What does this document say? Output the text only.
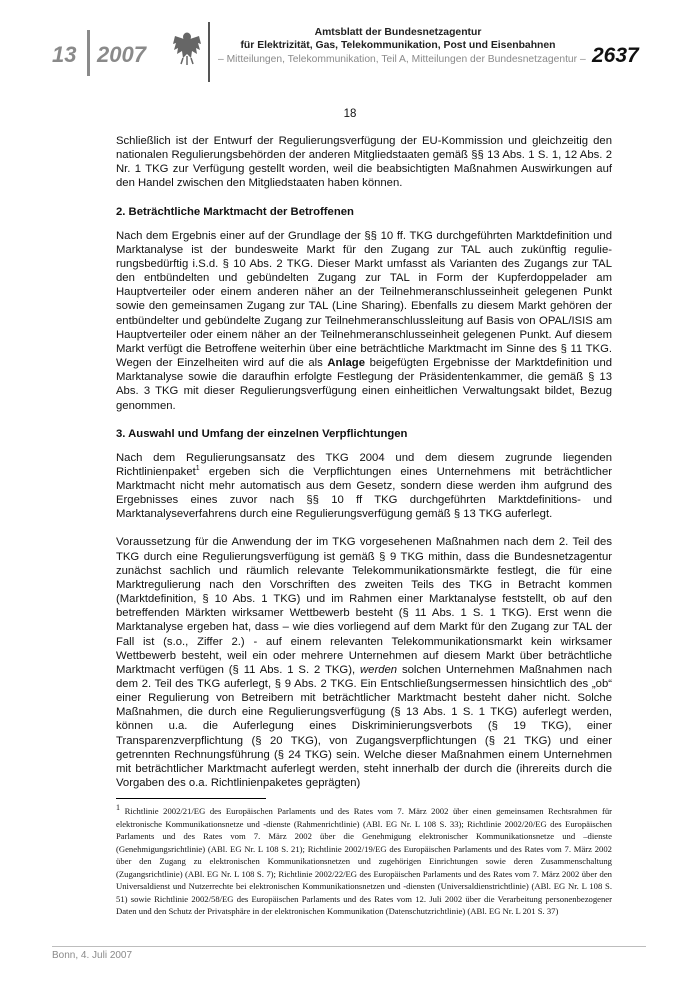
13 2007
Amtsblatt der Bundesnetzagentur
für Elektrizität, Gas, Telekommunikation, Post und Eisenbahnen
– Mitteilungen, Telekommunikation, Teil A, Mitteilungen der Bundesnetzagentur – 2637
18

Schließlich ist der Entwurf der Regulierungsverfügung der EU-Kommission und gleichzeitig den nationalen Regulierungsbehörden der anderen Mitgliedstaaten gemäß §§ 13 Abs. 1 S. 1, 12 Abs. 2 Nr. 1 TKG zur Verfügung gestellt worden, weil die beabsichtigten Maßnahmen Auswirkungen auf den Handel zwischen den Mitgliedstaaten haben können.

2. Beträchtliche Marktmacht der Betroffenen

Nach dem Ergebnis einer auf der Grundlage der §§ 10 ff. TKG durchgeführten Marktdefinition und Marktanalyse ist der bundesweite Markt für den Zugang zur TAL auch zukünftig regulierungsbedürftig i.S.d. § 10 Abs. 2 TKG. Dieser Markt umfasst als Varianten des Zugangs zur TAL den entbündelten und gebündelten Zugang zur TAL in Form der Kupferdoppelader am Hauptverteiler oder einem anderen näher an der Teilnehmeranschlusseinheit gelegenen Punkt sowie den gemeinsamen Zugang zur TAL (Line Sharing). Ebenfalls zu diesem Markt gehören der entbündelter und gebündelte Zugang zur Teilnehmeranschlussleitung auf Basis von OPAL/ISIS am Hauptverteiler oder einem näher an der Teilnehmeranschlusseinheit gelegenen Punkt. Auf diesem Markt verfügt die Betroffene weiterhin über eine beträchtliche Marktmacht im Sinne des § 11 TKG. Wegen der Einzelheiten wird auf die als Anlage beigefügten Ergebnisse der Marktdefinition und Marktanalyse sowie die daraufhin erfolgte Festlegung der Präsidentenkammer, die gemäß § 13 Abs. 3 TKG mit dieser Regulierungsverfügung einen einheitlichen Verwaltungsakt bildet, Bezug genommen.

3. Auswahl und Umfang der einzelnen Verpflichtungen

Nach dem Regulierungsansatz des TKG 2004 und dem diesem zugrunde liegenden Richtlinienpaket$^1$ ergeben sich die Verpflichtungen eines Unternehmens mit beträchtlicher Marktmacht nicht mehr automatisch aus dem Gesetz, sondern diese werden ihm aufgrund des Ergebnisses eines zuvor nach §§ 10 ff TKG durchgeführten Marktdefinitions- und Marktanalyseverfahrens durch eine Regulierungsverfügung gemäß § 13 TKG auferlegt.

Voraussetzung für die Anwendung der im TKG vorgesehenen Maßnahmen nach dem 2. Teil des TKG durch eine Regulierungsverfügung ist gemäß § 9 TKG mithin, dass die Bundesnetzagentur zunächst sachlich und räumlich relevante Telekommunikationsmärkte festlegt, die für eine Marktregulierung nach den Vorschriften des zweiten Teils des TKG in Betracht kommen (Marktdefinition, § 10 Abs. 1 TKG) und im Rahmen einer Marktanalyse feststellt, ob auf den betreffenden Märkten wirksamer Wettbewerb besteht (§ 11 Abs. 1 S. 1 TKG). Erst wenn die Marktanalyse ergeben hat, dass – wie dies vorliegend auf dem Markt für den Zugang zur TAL der Fall ist (s.o., Ziffer 2.) - auf einem relevanten Telekommunikationsmarkt kein wirksamer Wettbewerb besteht, weil ein oder mehrere Unternehmen auf diesem Markt über beträchtliche Marktmacht verfügen (§ 11 Abs. 1 S. 2 TKG), werden solchen Unternehmen Maßnahmen nach dem 2. Teil des TKG auferlegt, § 9 Abs. 2 TKG. Ein Entschließungsermessen hinsichtlich des „ob“ einer Regulierung von Betreibern mit beträchtlicher Marktmacht besteht daher nicht. Solche Maßnahmen, die durch eine Regulierungsverfügung (§ 13 Abs. 1 S. 1 TKG) auferlegt werden, können u.a. die Auferlegung eines Diskriminierungsverbots (§ 19 TKG), einer Transparenzverpflichtung (§ 20 TKG), von Zugangsverpflichtungen (§ 21 TKG) und einer getrennten Rechnungsführung (§ 24 TKG) sein. Welche dieser Maßnahmen einem Unternehmen mit beträchtlicher Marktmacht auferlegt werden, steht innerhalb der durch die (ihrereits durch die Vorgaben des o.a. Richtlinienpaketes geprägten)

$^1$ Richtlinie 2002/21/EG des Europäischen Parlaments und des Rates vom 7. März 2002 über einen gemeinsamen Rechtsrahmen für elektronische Kommunikationsnetze und -dienste (Rahmenrichtlinie) (ABl. EG Nr. L 108 S. 33); Richtlinie 2002/20/EG des Europäischen Parlaments und des Rates vom 7. März 2002 über die Genehmigung elektronischer Kommunikationsnetze und –dienste (Genehmigungsrichtlinie) (ABl. EG Nr. L 108 S. 21); Richtlinie 2002/19/EG des Europäischen Parlaments und des Rates vom 7. März 2002 über den Zugang zu elektronischen Kommunikationsnetzen und zugehörigen Einrichtungen sowie deren Zusammenschaltung (Zugangsrichtlinie) (ABl. EG Nr. L 108 S. 7); Richtlinie 2002/22/EG des Europäischen Parlaments und des Rates vom 7. März 2002 über den Universaldienst und Nutzerrechte bei elektronischen Kommunikationsnetzen und -diensten (Universaldienstrichtlinie) (ABl. EG Nr. L 108 S. 51) sowie Richtlinie 2002/58/EG des Europäischen Parlaments und des Rates vom 12. Juli 2002 über die Verarbeitung personenbezogener Daten und den Schutz der Privatsphäre in der elektronischen Kommunikation (Datenschutzrichtlinie) (ABl. EG Nr. L 201 S. 37)

Bonn, 4. Juli 2007
